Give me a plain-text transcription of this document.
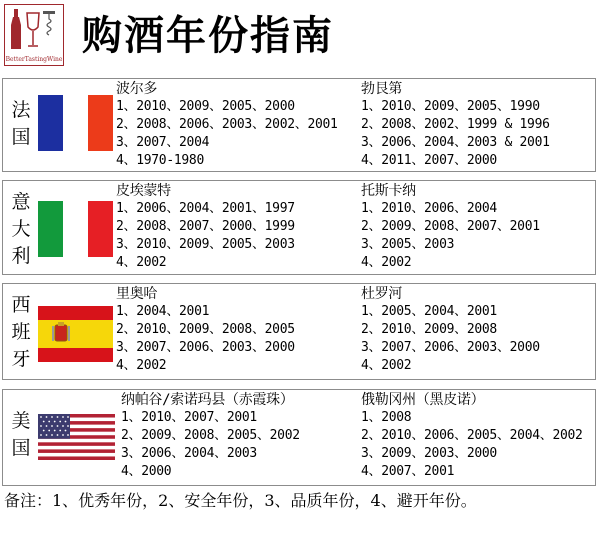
BetterTastingWine
购酒年份指南
法
国
波尔多
1、2010、2009、2005、2000
2、2008、2006、2003、2002、2001
3、2007、2004
4、1970-1980
勃艮第
1、2010、2009、2005、1990
2、2008、2002、1999 & 1996
3、2006、2004、2003 & 2001
4、2011、2007、2000
意
大
利
皮埃蒙特
1、2006、2004、2001、1997
2、2008、2007、2000、1999
3、2010、2009、2005、2003
4、2002
托斯卡纳
1、2010、2006、2004
2、2009、2008、2007、2001
3、2005、2003
4、2002
西
班
牙
里奥哈
1、2004、2001
2、2010、2009、2008、2005
3、2007、2006、2003、2000
4、2002
杜罗河
1、2005、2004、2001
2、2010、2009、2008
3、2007、2006、2003、2000
4、2002
美
国
纳帕谷/索诺玛县（赤霞珠）
1、2010、2007、2001
2、2009、2008、2005、2002
3、2006、2004、2003
4、2000
俄勒冈州（黑皮诺）
1、2008
2、2010、2006、2005、2004、2002
3、2009、2003、2000
4、2007、2001
备注：1、优秀年份，2、安全年份，3、品质年份，4、避开年份。
